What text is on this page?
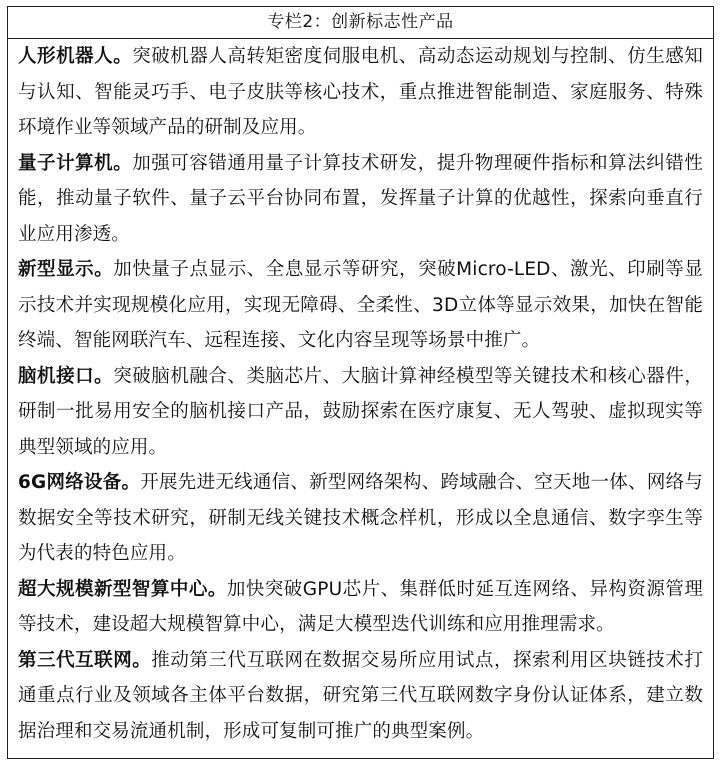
专栏2：创新标志性产品

人形机器人。突破机器人高转矩密度伺服电机、高动态运动规划与控制、仿生感知与认知、智能灵巧手、电子皮肤等核心技术，重点推进智能制造、家庭服务、特殊环境作业等领域产品的研制及应用。

量子计算机。加强可容错通用量子计算技术研发，提升物理硬件指标和算法纠错性能，推动量子软件、量子云平台协同布置，发挥量子计算的优越性，探索向垂直行业应用渗透。

新型显示。加快量子点显示、全息显示等研究，突破Micro-LED、激光、印刷等显示技术并实现规模化应用，实现无障碍、全柔性、3D立体等显示效果，加快在智能终端、智能网联汽车、远程连接、文化内容呈现等场景中推广。

脑机接口。突破脑机融合、类脑芯片、大脑计算神经模型等关键技术和核心器件，研制一批易用安全的脑机接口产品，鼓励探索在医疗康复、无人驾驶、虚拟现实等典型领域的应用。

6G网络设备。开展先进无线通信、新型网络架构、跨域融合、空天地一体、网络与数据安全等技术研究，研制无线关键技术概念样机，形成以全息通信、数字孪生等为代表的特色应用。

超大规模新型智算中心。加快突破GPU芯片、集群低时延互连网络、异构资源管理等技术，建设超大规模智算中心，满足大模型迭代训练和应用推理需求。

第三代互联网。推动第三代互联网在数据交易所应用试点，探索利用区块链技术打通重点行业及领域各主体平台数据，研究第三代互联网数字身份认证体系，建立数据治理和交易流通机制，形成可复制可推广的典型案例。
